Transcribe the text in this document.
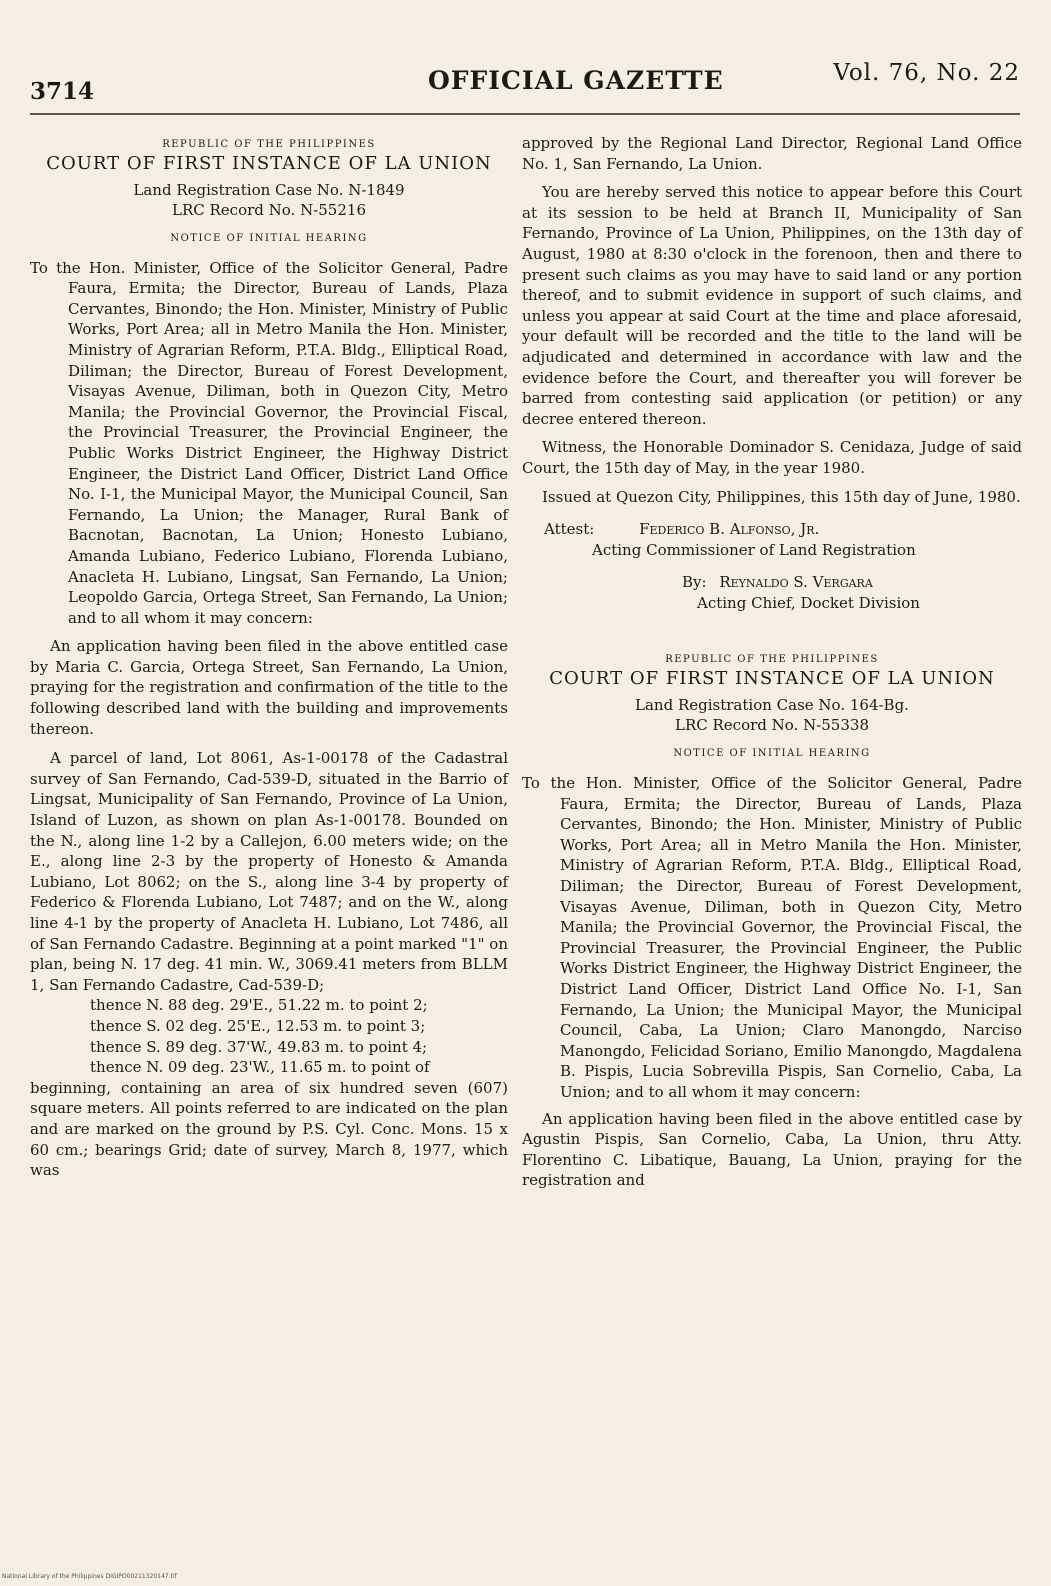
3714	OFFICIAL GAZETTE	Vol. 76, No. 22
REPUBLIC OF THE PHILIPPINES
COURT OF FIRST INSTANCE OF LA UNION
Land Registration Case No. N-1849
LRC Record No. N-55216
NOTICE OF INITIAL HEARING

To the Hon. Minister, Office of the Solicitor General, Padre Faura, Ermita; the Director, Bureau of Lands, Plaza Cervantes, Binondo; the Hon. Minister, Ministry of Public Works, Port Area; all in Metro Manila the Hon. Minister, Ministry of Agrarian Reform, P.T.A. Bldg., Elliptical Road, Diliman; the Director, Bureau of Forest Development, Visayas Avenue, Diliman, both in Quezon City, Metro Manila; the Provincial Governor, the Provincial Fiscal, the Provincial Treasurer, the Provincial Engineer, the Public Works District Engineer, the Highway District Engineer, the District Land Officer, District Land Office No. I-1, the Municipal Mayor, the Municipal Council, San Fernando, La Union; the Manager, Rural Bank of Bacnotan, Bacnotan, La Union; Honesto Lubiano, Amanda Lubiano, Federico Lubiano, Florenda Lubiano, Anacleta H. Lubiano, Lingsat, San Fernando, La Union; Leopoldo Garcia, Ortega Street, San Fernando, La Union; and to all whom it may concern:

An application having been filed in the above entitled case by Maria C. Garcia, Ortega Street, San Fernando, La Union, praying for the registration and confirmation of the title to the following described land with the building and improvements thereon.

A parcel of land, Lot 8061, As-1-00178 of the Cadastral survey of San Fernando, Cad-539-D, situated in the Barrio of Lingsat, Municipality of San Fernando, Province of La Union, Island of Luzon, as shown on plan As-1-00178. Bounded on the N., along line 1-2 by a Callejon, 6.00 meters wide; on the E., along line 2-3 by the property of Honesto & Amanda Lubiano, Lot 8062; on the S., along line 3-4 by property of Federico & Florenda Lubiano, Lot 7487; and on the W., along line 4-1 by the property of Anacleta H. Lubiano, Lot 7486, all of San Fernando Cadastre. Beginning at a point marked "1" on plan, being N. 17 deg. 41 min. W., 3069.41 meters from BLLM 1, San Fernando Cadastre, Cad-539-D;

thence N. 88 deg. 29'E., 51.22 m. to point 2;
thence S. 02 deg. 25'E., 12.53 m. to point 3;
thence S. 89 deg. 37'W., 49.83 m. to point 4;
thence N. 09 deg. 23'W., 11.65 m. to point of

beginning, containing an area of six hundred seven (607) square meters. All points referred to are indicated on the plan and are marked on the ground by P.S. Cyl. Conc. Mons. 15 x 60 cm.; bearings Grid; date of survey, March 8, 1977, which was

approved by the Regional Land Director, Regional Land Office No. 1, San Fernando, La Union.

You are hereby served this notice to appear before this Court at its session to be held at Branch II, Municipality of San Fernando, Province of La Union, Philippines, on the 13th day of August, 1980 at 8:30 o'clock in the forenoon, then and there to present such claims as you may have to said land or any portion thereof, and to submit evidence in support of such claims, and unless you appear at said Court at the time and place aforesaid, your default will be recorded and the title to the land will be adjudicated and determined in accordance with law and the evidence before the Court, and thereafter you will forever be barred from contesting said application (or petition) or any decree entered thereon.

Witness, the Honorable Dominador S. Cenidaza, Judge of said Court, the 15th day of May, in the year 1980.

Issued at Quezon City, Philippines, this 15th day of June, 1980.

Attest:	Federico B. Alfonso, Jr.
Acting Commissioner of Land Registration
By: Reynaldo S. Vergara
Acting Chief, Docket Division
REPUBLIC OF THE PHILIPPINES
COURT OF FIRST INSTANCE OF LA UNION
Land Registration Case No. 164-Bg.
LRC Record No. N-55338
NOTICE OF INITIAL HEARING

To the Hon. Minister, Office of the Solicitor General, Padre Faura, Ermita; the Director, Bureau of Lands, Plaza Cervantes, Binondo; the Hon. Minister, Ministry of Public Works, Port Area; all in Metro Manila the Hon. Minister, Ministry of Agrarian Reform, P.T.A. Bldg., Elliptical Road, Diliman; the Director, Bureau of Forest Development, Visayas Avenue, Diliman, both in Quezon City, Metro Manila; the Provincial Governor, the Provincial Fiscal, the Provincial Treasurer, the Provincial Engineer, the Public Works District Engineer, the Highway District Engineer, the District Land Officer, District Land Office No. I-1, San Fernando, La Union; the Municipal Mayor, the Municipal Council, Caba, La Union; Claro Manongdo, Narciso Manongdo, Felicidad Soriano, Emilio Manongdo, Magdalena B. Pispis, Lucia Sobrevilla Pispis, San Cornelio, Caba, La Union; and to all whom it may concern:

An application having been filed in the above entitled case by Agustin Pispis, San Cornelio, Caba, La Union, thru Atty. Florentino C. Libatique, Bauang, La Union, praying for the registration and

National Library of the Philippines DIGIPO00211320147.tif
